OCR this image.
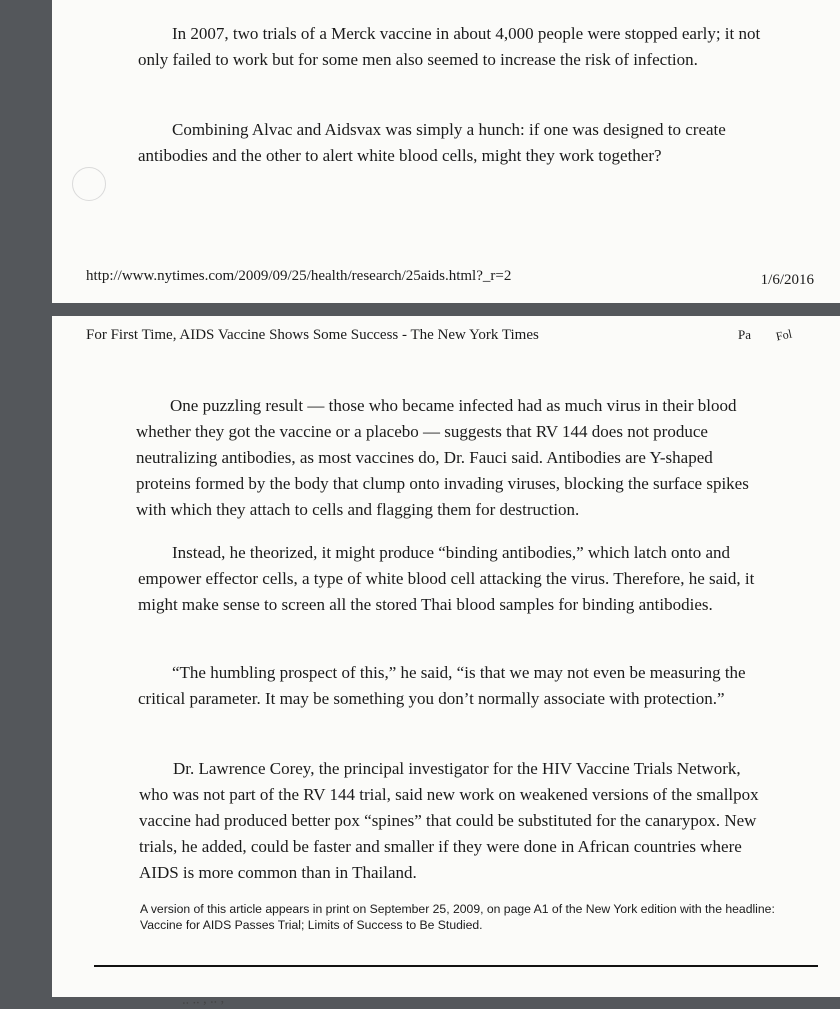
In 2007, two trials of a Merck vaccine in about 4,000 people were stopped early; it not only failed to work but for some men also seemed to increase the risk of infection.

Combining Alvac and Aidsvax was simply a hunch: if one was designed to create antibodies and the other to alert white blood cells, might they work together?

http://www.nytimes.com/2009/09/25/health/research/25aids.html?_r=2	1/6/2016
For First Time, AIDS Vaccine Shows Some Success - The New York Times	Pa Fol

One puzzling result — those who became infected had as much virus in their blood whether they got the vaccine or a placebo — suggests that RV 144 does not produce neutralizing antibodies, as most vaccines do, Dr. Fauci said. Antibodies are Y-shaped proteins formed by the body that clump onto invading viruses, blocking the surface spikes with which they attach to cells and flagging them for destruction.

Instead, he theorized, it might produce “binding antibodies,” which latch onto and empower effector cells, a type of white blood cell attacking the virus. Therefore, he said, it might make sense to screen all the stored Thai blood samples for binding antibodies.

“The humbling prospect of this,” he said, “is that we may not even be measuring the critical parameter. It may be something you don’t normally associate with protection.”

Dr. Lawrence Corey, the principal investigator for the HIV Vaccine Trials Network, who was not part of the RV 144 trial, said new work on weakened versions of the smallpox vaccine had produced better pox “spines” that could be substituted for the canarypox. New trials, he added, could be faster and smaller if they were done in African countries where AIDS is more common than in Thailand.

A version of this article appears in print on September 25, 2009, on page A1 of the New York edition with the headline: Vaccine for AIDS Passes Trial; Limits of Success to Be Studied.

.. .. , .. ,
